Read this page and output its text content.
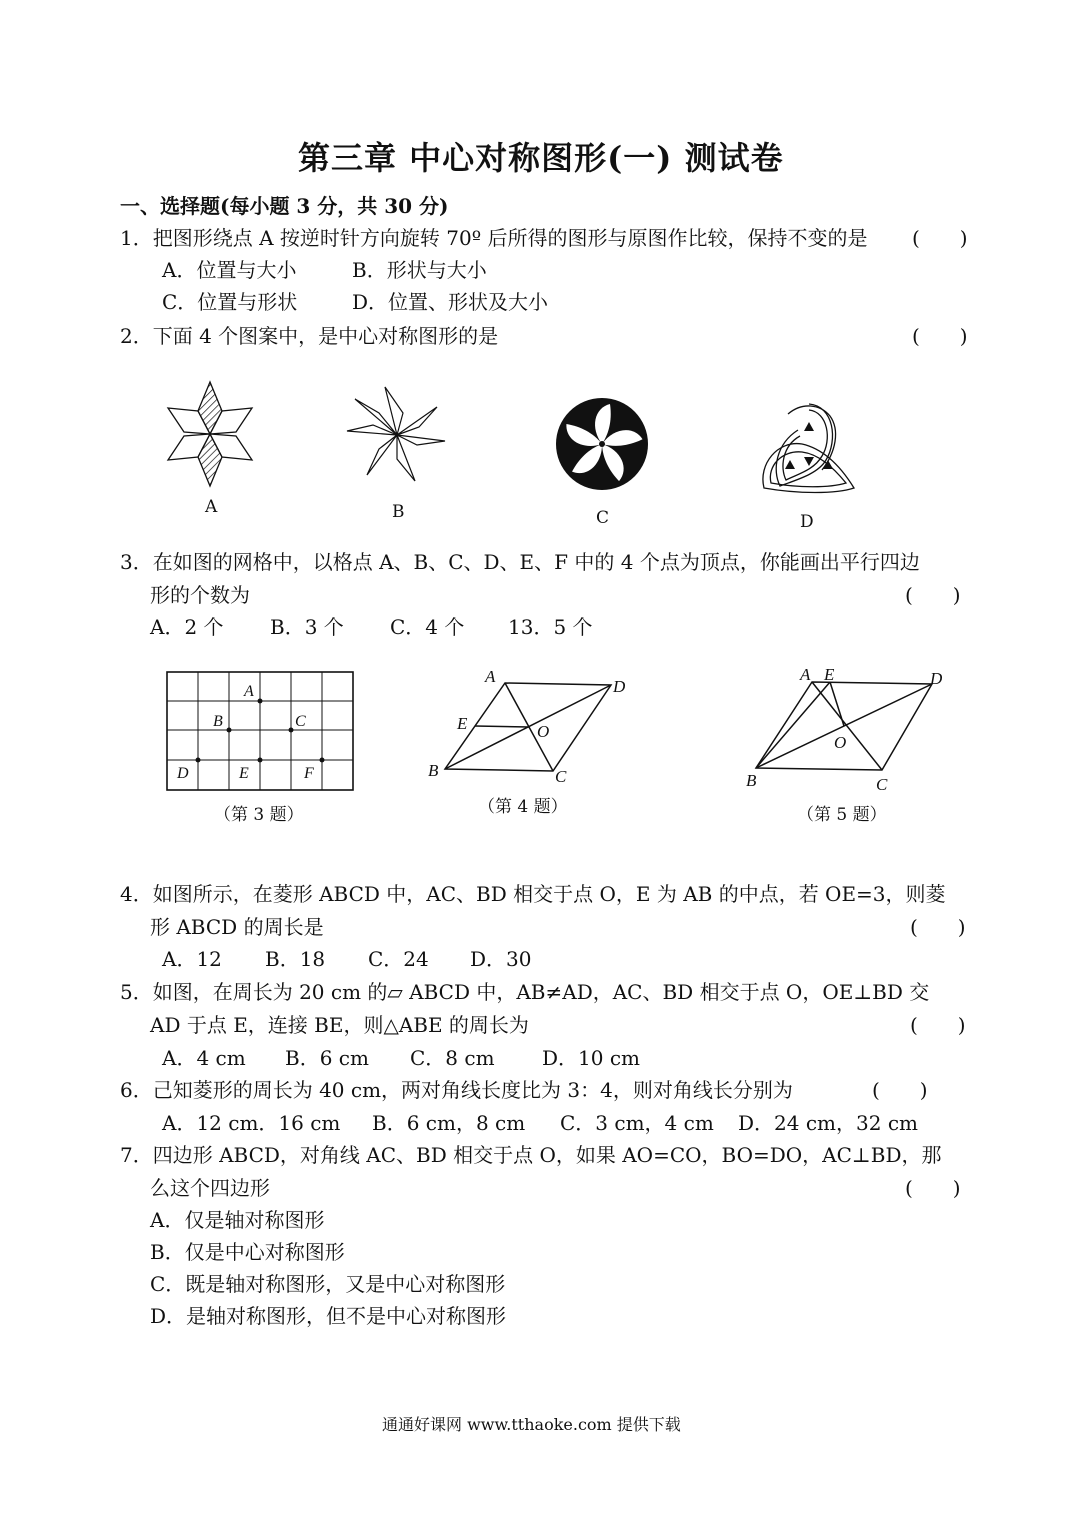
第三章 中心对称图形(一) 测试卷
一、选择题(每小题 3 分，共 30 分)
1．把图形绕点 A 按逆时针方向旋转 70º 后所得的图形与原图作比较，保持不变的是 (　　)
A．位置与大小	B．形状与大小
C．位置与形状	D．位置、形状及大小
2．下面 4 个图案中，是中心对称图形的是	(　　)
A	B	C	D
3．在如图的网格中，以格点 A、B、C、D、E、F 中的 4 个点为顶点，你能画出平行四边
形的个数为	(　　)
A．2 个 B．3 个 C．4 个 13．5 个
A
B	C
D	E	F
（第 3 题）
A
D
E	O
B	C
（第 4 题）
A E	D
O
B	C
（第 5 题）
4．如图所示，在菱形 ABCD 中，AC、BD 相交于点 O，E 为 AB 的中点，若 OE=3，则菱
形 ABCD 的周长是	(　　)
A．12 B．18 C．24 D．30
5．如图，在周长为 20 cm 的▱ ABCD 中，AB≠AD，AC、BD 相交于点 O，OE⊥BD 交
AD 于点 E，连接 BE，则△ABE 的周长为	(　　)
A．4 cm B．6 cm C．8 cm D．10 cm
6．己知菱形的周长为 40 cm，两对角线长度比为 3：4，则对角线长分别为	(　　)
A．12 cm．16 cm B．6 cm，8 cm C．3 cm，4 cm D．24 cm，32 cm
7．四边形 ABCD，对角线 AC、BD 相交于点 O，如果 AO=CO，BO=DO，AC⊥BD，那
么这个四边形	(　　)
A．仅是轴对称图形
B．仅是中心对称图形
C．既是轴对称图形，又是中心对称图形
D．是轴对称图形，但不是中心对称图形
通通好课网 www.tthaoke.com 提供下载
